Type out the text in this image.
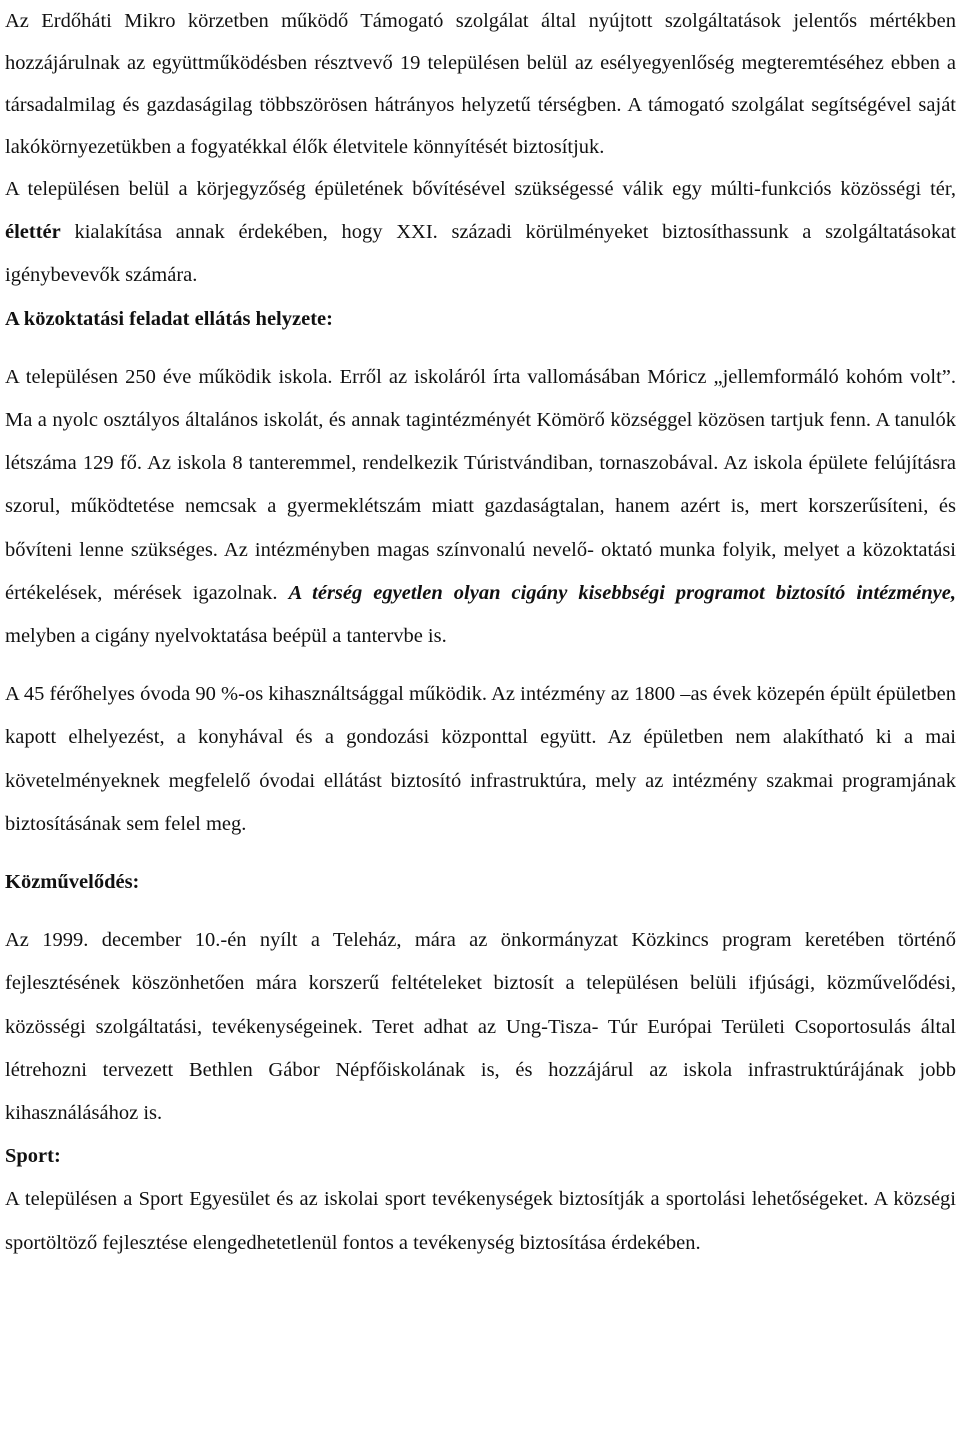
Az Erdőháti Mikro körzetben működő Támogató szolgálat által nyújtott szolgáltatások jelentős mértékben hozzájárulnak az együttműködésben résztvevő 19 településen belül az esélyegyenlőség megteremtéséhez ebben a társadalmilag és gazdaságilag többszörösen hátrányos helyzetű térségben. A támogató szolgálat segítségével saját lakókörnyezetükben a fogyatékkal élők életvitele könnyítését biztosítjuk.

A településen belül a körjegyzőség épületének bővítésével szükségessé válik egy múlti-funkciós közösségi tér, élettér kialakítása annak érdekében, hogy XXI. századi körülményeket biztosíthassunk a szolgáltatásokat igénybevevők számára.

A közoktatási feladat ellátás helyzete:

A településen 250 éve működik iskola. Erről az iskoláról írta vallomásában Móricz „jellemformáló kohóm volt”. Ma a nyolc osztályos általános iskolát, és annak tagintézményét Kömörő községgel közösen tartjuk fenn. A tanulók létszáma 129 fő. Az iskola 8 tanteremmel, rendelkezik Túristvándiban, tornaszobával. Az iskola épülete felújításra szorul, működtetése nemcsak a gyermeklétszám miatt gazdaságtalan, hanem azért is, mert korszerűsíteni, és bővíteni lenne szükséges. Az intézményben magas színvonalú nevelő- oktató munka folyik, melyet a közoktatási értékelések, mérések igazolnak. A térség egyetlen olyan cigány kisebbségi programot biztosító intézménye, melyben a cigány nyelvoktatása beépül a tantervbe is.

A 45 férőhelyes óvoda 90 %-os kihasználtsággal működik. Az intézmény az 1800 –as évek közepén épült épületben kapott elhelyezést, a konyhával és a gondozási központtal együtt. Az épületben nem alakítható ki a mai követelményeknek megfelelő óvodai ellátást biztosító infrastruktúra, mely az intézmény szakmai programjának biztosításának sem felel meg.

Közművelődés:

Az 1999. december 10.-én nyílt a Teleház, mára az önkormányzat Közkincs program keretében történő fejlesztésének köszönhetően mára korszerű feltételeket biztosít a településen belüli ifjúsági, közművelődési, közösségi szolgáltatási, tevékenységeinek. Teret adhat az Ung-Tisza- Túr Európai Területi Csoportosulás által létrehozni tervezett Bethlen Gábor Népfőiskolának is, és hozzájárul az iskola infrastruktúrájának jobb kihasználásához is.

Sport:

A településen a Sport Egyesület és az iskolai sport tevékenységek biztosítják a sportolási lehetőségeket. A községi sportöltöző fejlesztése elengedhetetlenül fontos a tevékenység biztosítása érdekében.
